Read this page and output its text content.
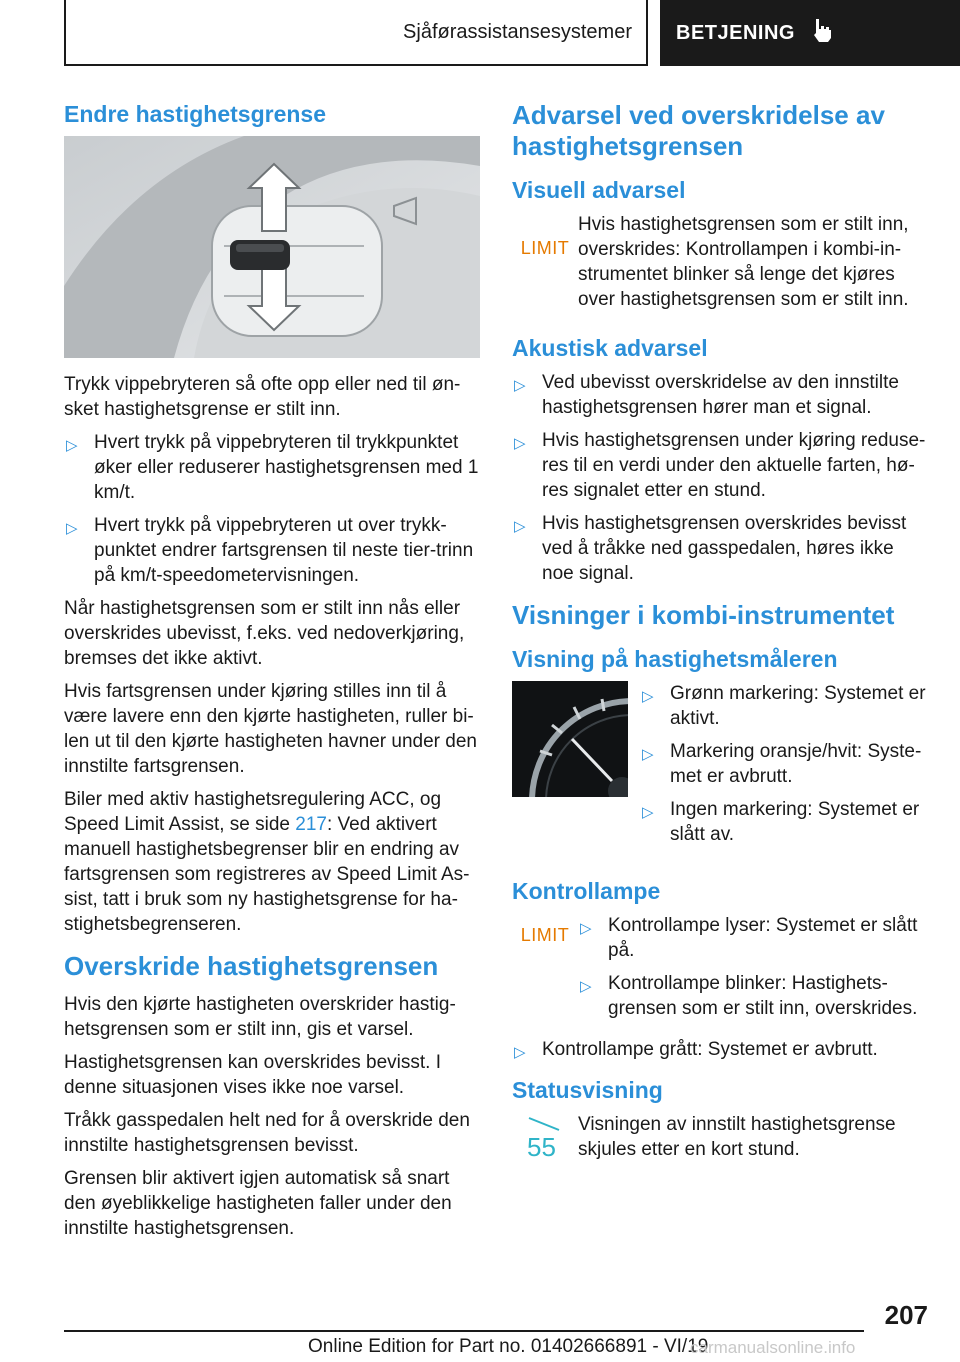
Sjåførassistansesystemer	BETJENING
Endre hastighetsgrense

Trykk vippebryteren så ofte opp eller ned til øn-sket hastighetsgrense er stilt inn.

▷ Hvert trykk på vippebryteren til trykkpunktet øker eller reduserer hastighetsgrensen med 1 km/t.
▷ Hvert trykk på vippebryteren ut over trykk-punktet endrer fartsgrensen til neste tier-trinn på km/t-speedometervisningen.

Når hastighetsgrensen som er stilt inn nås eller overskrides ubevisst, f.eks. ved nedoverkjøring, bremses det ikke aktivt.

Hvis fartsgrensen under kjøring stilles inn til å være lavere enn den kjørte hastigheten, ruller bi-len ut til den kjørte hastigheten havner under den innstilte fartsgrensen.

Biler med aktiv hastighetsregulering ACC, og Speed Limit Assist, se side 217: Ved aktivert manuell hastighetsbegrenser blir en endring av fartsgrensen som registreres av Speed Limit As-sist, tatt i bruk som ny hastighetsgrense for ha-stighetsbegrenseren.

Overskride hastighetsgrensen

Hvis den kjørte hastigheten overskrider hastig-hetsgrensen som er stilt inn, gis et varsel.

Hastighetsgrensen kan overskrides bevisst. I denne situasjonen vises ikke noe varsel.

Tråkk gasspedalen helt ned for å overskride den innstilte hastighetsgrensen bevisst.

Grensen blir aktivert igjen automatisk så snart den øyeblikkelige hastigheten faller under den innstilte hastighetsgrensen.

Advarsel ved overskridelse av hastighetsgrensen
Visuell advarsel
LIMIT

Hvis hastighetsgrensen som er stilt inn, overskrides: Kontrollampen i kombi-in-strumentet blinker så lenge det kjøres over hastighetsgrensen som er stilt inn.

Akustisk advarsel
▷ Ved ubevisst overskridelse av den innstilte hastighetsgrensen hører man et signal.
▷ Hvis hastighetsgrensen under kjøring reduse-res til en verdi under den aktuelle farten, hø-res signalet etter en stund.
▷ Hvis hastighetsgrensen overskrides bevisst ved å tråkke ned gasspedalen, høres ikke noe signal.
Visninger i kombi-instrumentet
Visning på hastighetsmåleren
▷ Grønn markering: Systemet er aktivt.
▷ Markering oransje/hvit: Syste-met er avbrutt.
▷ Ingen markering: Systemet er slått av.
Kontrollampe
LIMIT ▷ Kontrollampe lyser: Systemet er slått på.
▷ Kontrollampe blinker: Hastighets-grensen som er stilt inn, overskrides.
▷ Kontrollampe grått: Systemet er avbrutt.
Statusvisning
55

Visningen av innstilt hastighetsgrense skjules etter en kort stund.

207
Online Edition for Part no. 01402666891 - VI/19
carmanualsonline.info
